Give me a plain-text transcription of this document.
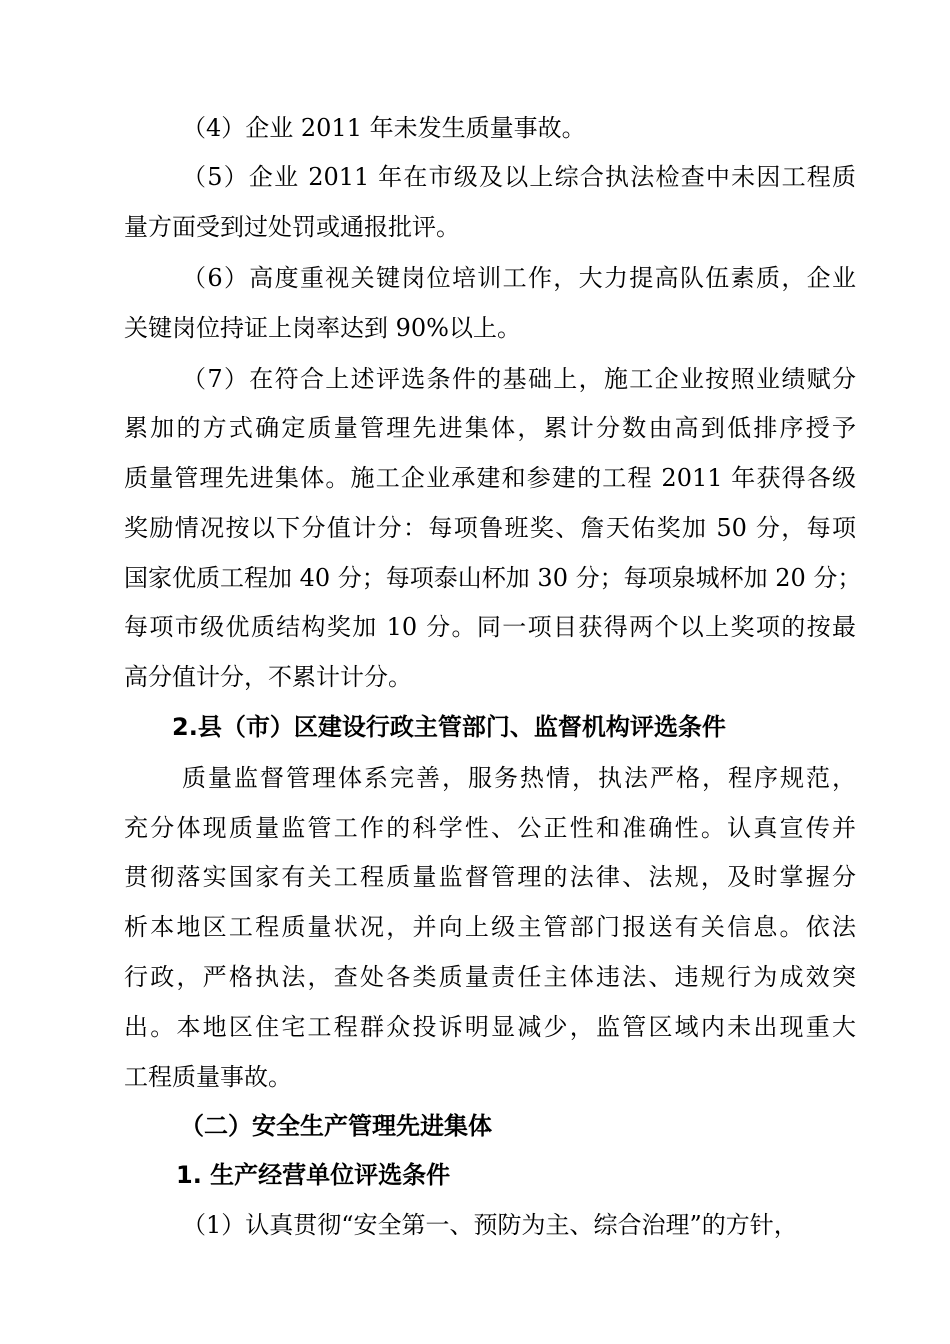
（4）企业 2011 年未发生质量事故。
（5）企业 2011 年在市级及以上综合执法检查中未因工程质
量方面受到过处罚或通报批评。
（6）高度重视关键岗位培训工作，大力提高队伍素质，企业
关键岗位持证上岗率达到 90%以上。
（7）在符合上述评选条件的基础上，施工企业按照业绩赋分
累加的方式确定质量管理先进集体，累计分数由高到低排序授予
质量管理先进集体。施工企业承建和参建的工程 2011 年获得各级
奖励情况按以下分值计分：每项鲁班奖、詹天佑奖加 50 分，每项
国家优质工程加 40 分；每项泰山杯加 30 分；每项泉城杯加 20 分；
每项市级优质结构奖加 10 分。同一项目获得两个以上奖项的按最
高分值计分，不累计计分。
2.县（市）区建设行政主管部门、监督机构评选条件
质量监督管理体系完善，服务热情，执法严格，程序规范，
充分体现质量监管工作的科学性、公正性和准确性。认真宣传并
贯彻落实国家有关工程质量监督管理的法律、法规，及时掌握分
析本地区工程质量状况，并向上级主管部门报送有关信息。依法
行政，严格执法，查处各类质量责任主体违法、违规行为成效突
出。本地区住宅工程群众投诉明显减少，监管区域内未出现重大
工程质量事故。
（二）安全生产管理先进集体
1. 生产经营单位评选条件
（1）认真贯彻“安全第一、预防为主、综合治理”的方针，
